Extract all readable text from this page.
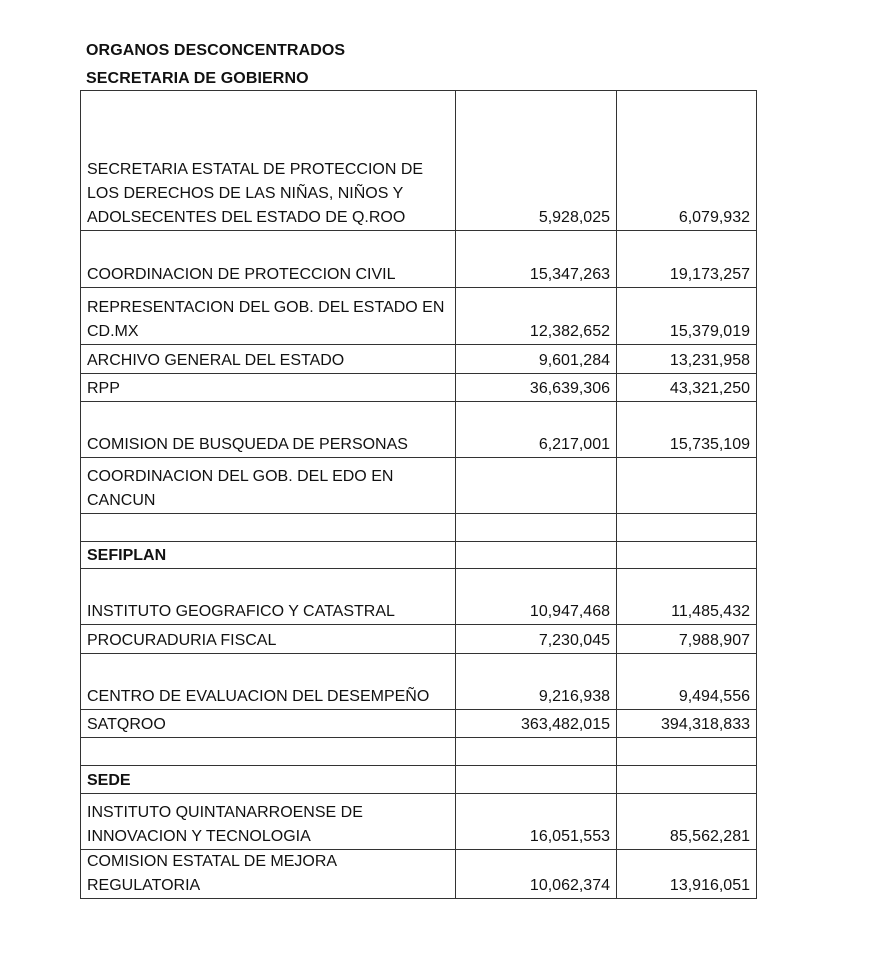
ORGANOS DESCONCENTRADOS
SECRETARIA DE GOBIERNO
SECRETARIA ESTATAL DE PROTECCION DE LOS DERECHOS DE LAS NIÑAS, NIÑOS Y ADOLSECENTES DEL ESTADO DE Q.ROO	5,928,025	6,079,932
COORDINACION DE PROTECCION CIVIL	15,347,263	19,173,257
REPRESENTACION DEL GOB. DEL ESTADO EN CD.MX	12,382,652	15,379,019
ARCHIVO GENERAL DEL ESTADO	9,601,284	13,231,958
RPP	36,639,306	43,321,250
COMISION DE BUSQUEDA DE PERSONAS	6,217,001	15,735,109
COORDINACION DEL GOB. DEL EDO EN CANCUN		

SEFIPLAN		
INSTITUTO GEOGRAFICO Y CATASTRAL	10,947,468	11,485,432
PROCURADURIA FISCAL	7,230,045	7,988,907
CENTRO DE EVALUACION DEL DESEMPEÑO	9,216,938	9,494,556
SATQROO	363,482,015	394,318,833

SEDE		
INSTITUTO QUINTANARROENSE DE INNOVACION Y TECNOLOGIA	16,051,553	85,562,281
COMISION ESTATAL DE MEJORA REGULATORIA	10,062,374	13,916,051
